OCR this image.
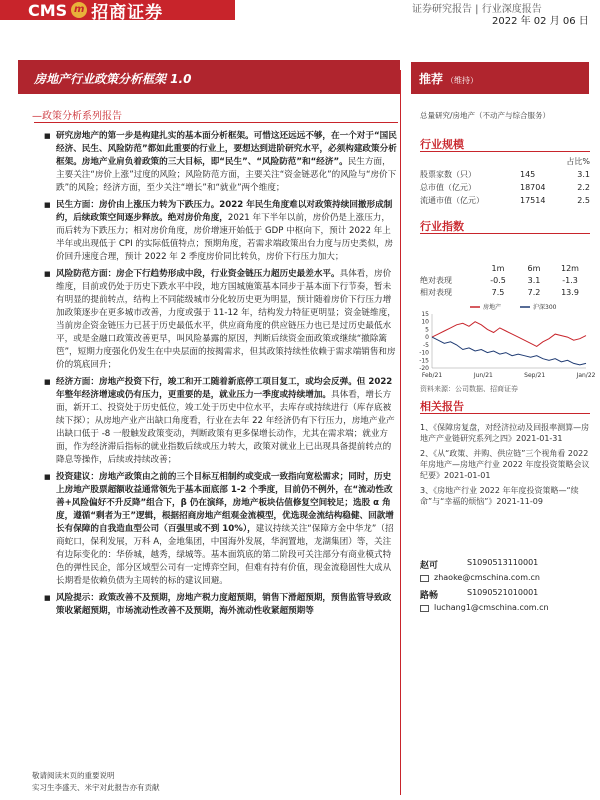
CMS m 招商证券	证券研究报告 | 行业深度报告
2022 年 02 月 06 日
房地产行业政策分析框架 1.0
—政策分析系列报告
■ 研究房地产的第一步是构建扎实的基本面分析框架。可惜这还远远不够，在一个对于“国民经济、民生、风险防范”都如此重要的行业上，要想达到进阶研究水平，必须构建政策分析框架。房地产业肩负着政策的三大目标，即“民生”、“风险防范”和“经济”。民生方面，主要关注“房价上涨”过度的风险；风险防范方面，主要关注“资金链恶化”的风险与“房价下跌”的风险；经济方面，至少关注“增长”和“就业”两个维度；
■ 民生方面：房价由上涨压力转为下跌压力。2022 年民生角度难以对政策持续回撤形成制约，后续政策空间逐步释放。绝对房价角度，2021 年下半年以前，房价仍是上涨压力，而后转为下跌压力；相对房价角度，房价增速开始低于 GDP 中枢向下，预计 2022 年上半年或出现低于 CPI 的实际低值特点；预期角度，若需求端政策出台力度与历史类似，房价回升速度合理，预计 2022 年 2 季度房价同比转负，房价下行压力加大；
■ 风险防范方面：房企下行趋势形成中段，行业资金链压力超历史最差水平。具体看，房价维度，目前或仍处于历史下跌水平中段，地方国城施策基本同步于基本面下行节奏，暂未有明显的提前转点，结构上不同能级城市分化较历史更为明显，预计随着房价下行压力增加政策逐步在更多城市改善，力度或强于 11-12 年，结构发力特征更明显；资金链维度，当前房企资金链压力已甚于历史最低水平，供应商角度的供应链压力也已是过历史最低水平，或是金融口政策改善更早，叫风险暴露的原因，判断后续资金面政策或继续“撤除篱笆”，短期力度强化仍发生在中央层面的按揭需求，但其政策持续性依赖于需求端销售和房价的筑底回升；
■ 经济方面：房地产投资下行，竣工和开工随着新底停工项目复工，或均会反弹。但 2022 年整年经济增速或仍有压力，更重要的是，就业压力一季度或持续增加。具体看，增长方面，新开工、投资处于历史低位，竣工处于历史中位水平，去库存或持续进行（库存底被续下探）；从房地产业产出缺口角度看，行业在去年 22 年经济仍有下行压力，房地产业产出缺口低于 -8 一般触发政策变动，判断政策有更多保增长动作，尤其在需求端；就业方面，作为经济滞后指标的就业指数后续或压力转大，政策对就业上已出现具备提前转点的降息等操作，后续或持续改善；
■ 投资建议：房地产政策由之前的三个目标互相制约或变成一致指向宽松需求；同时，历史上房地产股票超额收益通常领先于基本面底部 1-2 个季度，目前仍不例外，在“流动性改善+风险偏好不升反降”组合下，β 仍在演绎，房地产板块估值修复空间较足；选股 α 角度，遵循“剩者为王”逻辑，根据招商房地产组观金流模型，优选现金流结构稳健、回款增长有保障的自我造血型公司（百强里或不到 10%），建议持续关注“保障方金中华龙”（招商蛇口，保利发展，万科 A，金地集团，中国海外发展，华润置地，龙湖集团）等，关注有边际变化的：华侨城，越秀，绿城等。基本面筑底的第二阶段可关注部分有商业模式特色的弹性民企，部分区域型公司有一定博弈空间，但难有持有价值，现金流稳固性大成从长期看是依赖负债为主周转的标的建议回避。
■ 风险提示：政策改善不及预期，房地产税力度超预期，销售下滑超预期，预售监管导致政策收紧超预期，市场流动性改善不及预期，海外流动性收紧超预期等
推荐 （维持）
总量研究/房地产（不动产与综合服务）
行业规模
占比%
股票家数（只）	145	3.1
总市值（亿元）	18704	2.2
流通市值（亿元）	17514	2.5
行业指数
1m	6m	12m
绝对表现	-0.5	3.1	-1.3
相对表现	7.5	7.2	13.9
15
10
5
0
-5
-10
-15
-20
Feb/21	Jun/21	Sep/21	Jan/22
房地产	沪深300
资料来源：公司数据、招商证券
相关报告
1、《保障房复盘，对经济拉动及回报率测算—房地产产业链研究系列之四》2021-01-31
2、《从“政策、并购、供应链”三个视角看 2022 年房地产—房地产行业 2022 年度投资策略会议纪要》2021-01-01
3、《房地产行业 2022 年年度投资策略—“续命”与“幸福的烦恼”》2021-11-09
赵可	S1090513110001
zhaoke@cmschina.com.cn
路畅	S1090521010001
luchang1@cmschina.com.cn
敬请阅读末页的重要说明
实习生李盛天、米宇对此报告亦有贡献
